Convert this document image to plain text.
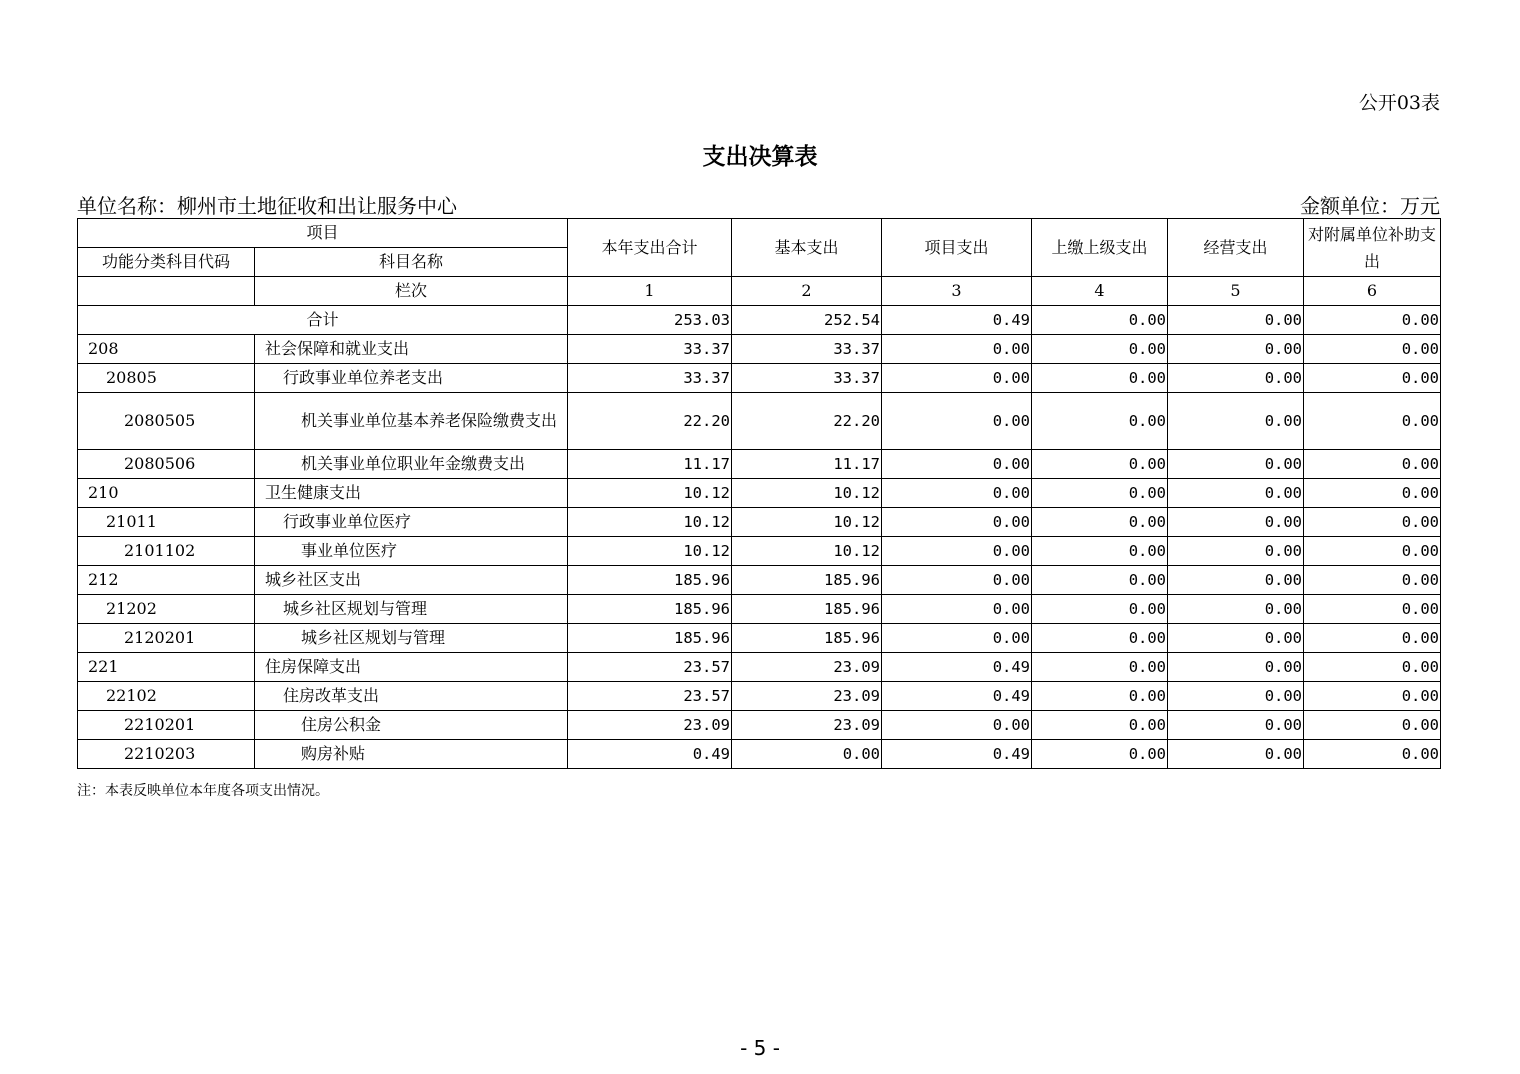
公开03表
支出决算表
单位名称：柳州市土地征收和出让服务中心	金额单位：万元
项目		本年支出合计	基本支出	项目支出	上缴上级支出	经营支出	对附属单位补助支出
功能分类科目代码	科目名称						
	栏次	1	2	3	4	5	6
合计		253.03	252.54	0.49	0.00	0.00	0.00
208	社会保障和就业支出	33.37	33.37	0.00	0.00	0.00	0.00
20805	行政事业单位养老支出	33.37	33.37	0.00	0.00	0.00	0.00
2080505	机关事业单位基本养老保险缴费支出	22.20	22.20	0.00	0.00	0.00	0.00
2080506	机关事业单位职业年金缴费支出	11.17	11.17	0.00	0.00	0.00	0.00
210	卫生健康支出	10.12	10.12	0.00	0.00	0.00	0.00
21011	行政事业单位医疗	10.12	10.12	0.00	0.00	0.00	0.00
2101102	事业单位医疗	10.12	10.12	0.00	0.00	0.00	0.00
212	城乡社区支出	185.96	185.96	0.00	0.00	0.00	0.00
21202	城乡社区规划与管理	185.96	185.96	0.00	0.00	0.00	0.00
2120201	城乡社区规划与管理	185.96	185.96	0.00	0.00	0.00	0.00
221	住房保障支出	23.57	23.09	0.49	0.00	0.00	0.00
22102	住房改革支出	23.57	23.09	0.49	0.00	0.00	0.00
2210201	住房公积金	23.09	23.09	0.00	0.00	0.00	0.00
2210203	购房补贴	0.49	0.00	0.49	0.00	0.00	0.00
注：本表反映单位本年度各项支出情况。
- 5 -
